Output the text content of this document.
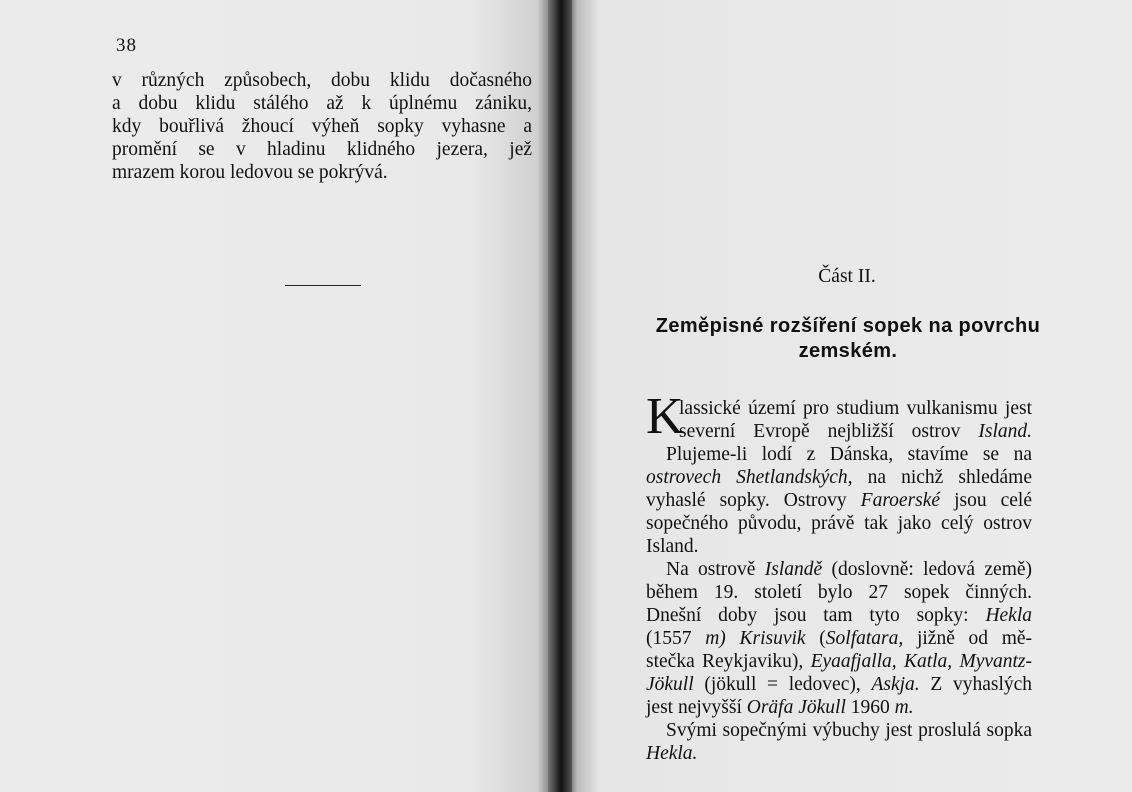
38
v různých způsobech, dobu klidu dočasného
a dobu klidu stálého až k úplnému zániku,
kdy bouřlivá žhoucí výheň sopky vyhasne a
promění se v hladinu klidného jezera, jež
mrazem korou ledovou se pokrývá.
Část II.
Zeměpisné rozšíření sopek na povrchu
zemském.
K
lassické území pro studium vulkanismu jest
severní Evropě nejbližší ostrov Island.
Plujeme-li lodí z Dánska, stavíme se na
ostrovech Shetlandských, na nichž shledáme
vyhaslé sopky. Ostrovy Faroerské jsou celé
sopečného původu, právě tak jako celý ostrov
Island.
Na ostrově Islandě (doslovně: ledová země)
během 19. století bylo 27 sopek činných.
Dnešní doby jsou tam tyto sopky: Hekla
(1557 m) Krisuvik (Solfatara, jižně od mě-
stečka Reykjaviku), Eyaafjalla, Katla, Myvantz-
Jökull (jökull = ledovec), Askja. Z vyhaslých
jest nejvyšší Oräfa Jökull 1960 m.
Svými sopečnými výbuchy jest proslulá sopka
Hekla.
